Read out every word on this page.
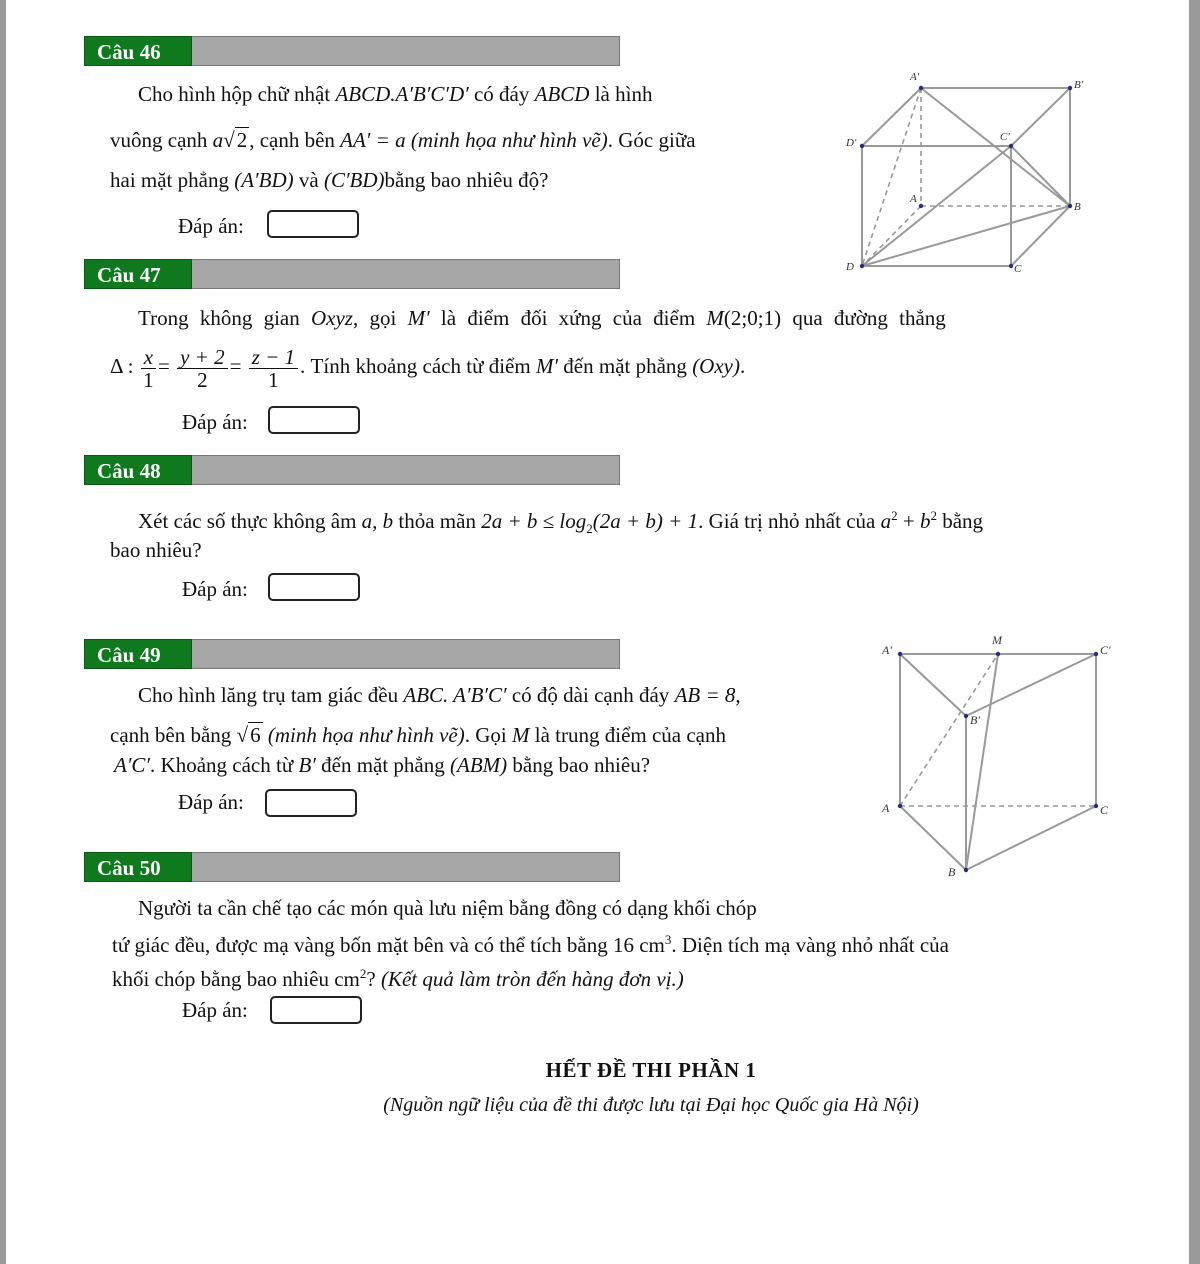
Câu 46
Cho hình hộp chữ nhật ABCD.A′B′C′D′ có đáy ABCD là hình
vuông cạnh a√2, cạnh bên AA′ = a (minh họa như hình vẽ). Góc giữa
hai mặt phẳng (A′BD) và (C′BD)bằng bao nhiêu độ?
Đáp án:
A'
B'
D'	C'
A
B
D	C
Câu 47
Trong không gian Oxyz, gọi M′ là điểm đối xứng của điểm M(2;0;1) qua đường thẳng
Δ : $\frac{x}{1} = \frac{y + 2}{2} = \frac{z - 1}{1}$ . Tính khoảng cách từ điểm M′ đến mặt phẳng (Oxy).
Đáp án:
Câu 48
Xét các số thực không âm a, b thỏa mãn $2a + b \le \log_2(2a + b) + 1$. Giá trị nhỏ nhất của $a^2 + b^2$ bằng
bao nhiêu?
Đáp án:
Câu 49
Cho hình lăng trụ tam giác đều ABC. A′B′C′ có độ dài cạnh đáy AB = 8,
cạnh bên bằng √6 (minh họa như hình vẽ). Gọi M là trung điểm của cạnh
A′C′. Khoảng cách từ B′ đến mặt phẳng (ABM) bằng bao nhiêu?
Đáp án:
A'
M
C'
B'
A	C
B
Câu 50
Người ta cần chế tạo các món quà lưu niệm bằng đồng có dạng khối chóp
tứ giác đều, được mạ vàng bốn mặt bên và có thể tích bằng 16 $cm^3$. Diện tích mạ vàng nhỏ nhất của
khối chóp bằng bao nhiêu $cm^2$? (Kết quả làm tròn đến hàng đơn vị.)
Đáp án:
HẾT ĐỀ THI PHẦN 1
(Nguồn ngữ liệu của đề thi được lưu tại Đại học Quốc gia Hà Nội)
